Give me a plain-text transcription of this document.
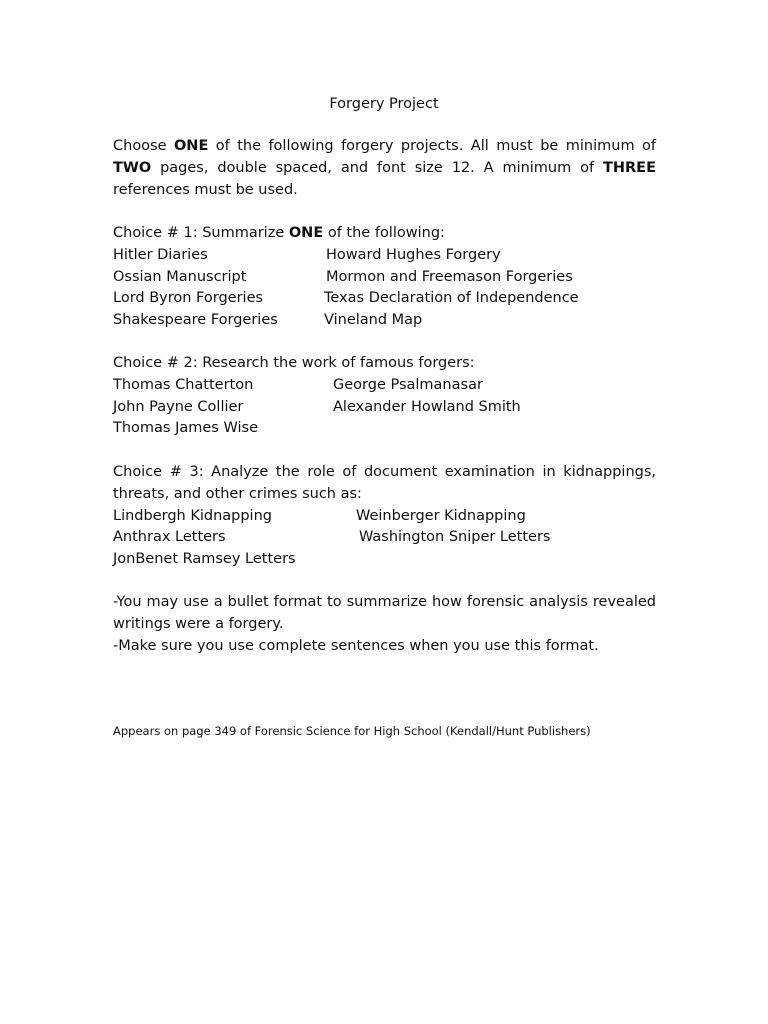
Forgery Project
Choose ONE of the following forgery projects. All must be minimum of TWO pages, double spaced, and font size 12. A minimum of THREE references must be used.
Choice # 1: Summarize ONE of the following:
Hitler Diaries	Howard Hughes Forgery
Ossian Manuscript	Mormon and Freemason Forgeries
Lord Byron Forgeries	Texas Declaration of Independence
Shakespeare Forgeries	Vineland Map
Choice # 2: Research the work of famous forgers:
Thomas Chatterton	George Psalmanasar
John Payne Collier	Alexander Howland Smith
Thomas James Wise
Choice # 3: Analyze the role of document examination in kidnappings, threats, and other crimes such as:
Lindbergh Kidnapping	Weinberger Kidnapping
Anthrax Letters	Washington Sniper Letters
JonBenet Ramsey Letters
-You may use a bullet format to summarize how forensic analysis revealed writings were a forgery.
-Make sure you use complete sentences when you use this format.
Appears on page 349 of Forensic Science for High School (Kendall/Hunt Publishers)
